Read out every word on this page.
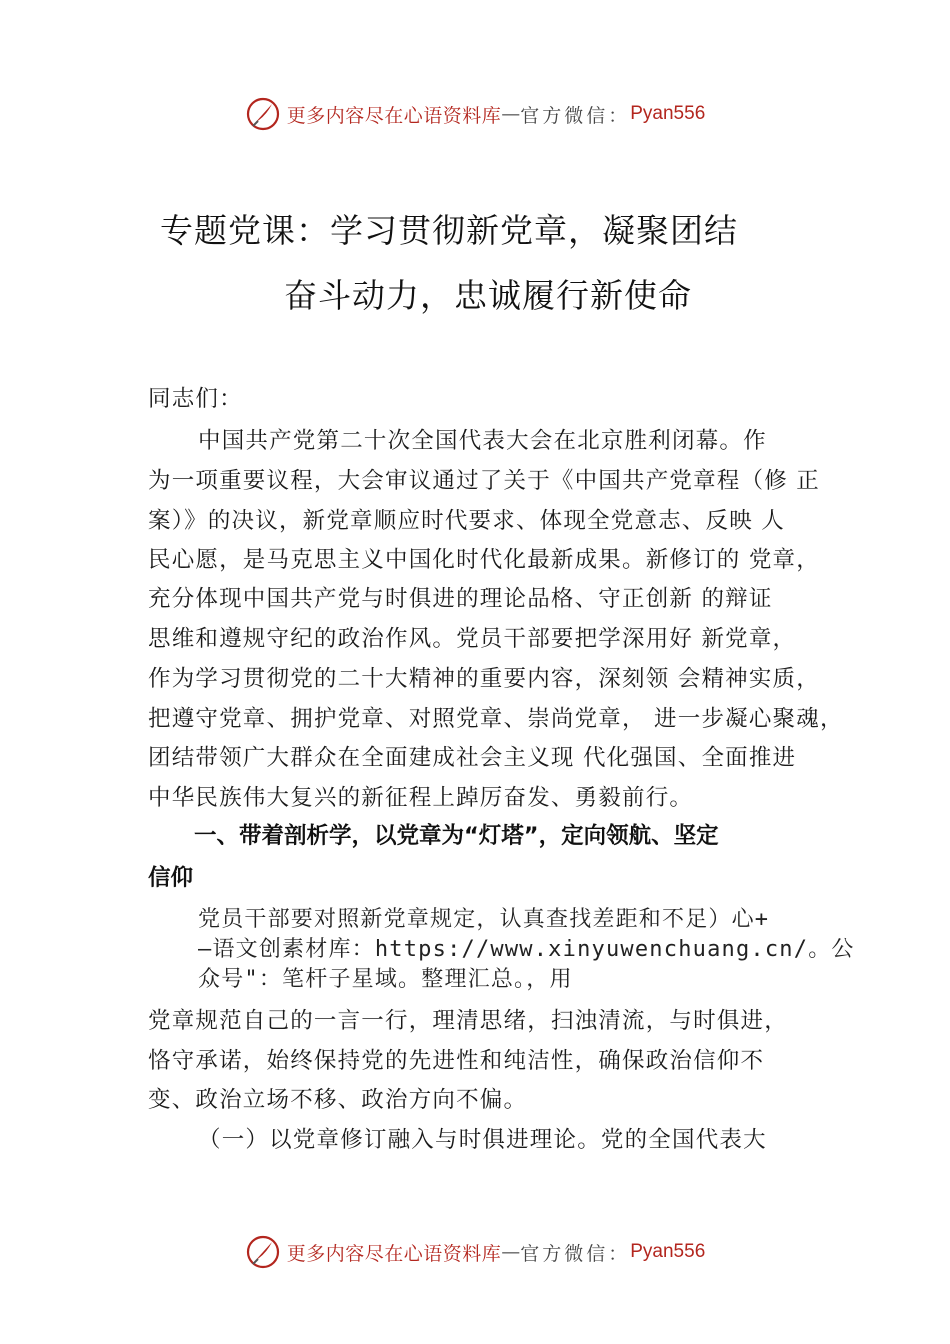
更多内容尽在心语资料库 — 官方微信： Pyan556
专题党课：学习贯彻新党章，凝聚团结
奋斗动力，忠诚履行新使命
同志们：
中国共产党第二十次全国代表大会在北京胜利闭幕。作
为一项重要议程，大会审议通过了关于《中国共产党章程（修 正
案）》的决议，新党章顺应时代要求、体现全党意志、反映 人
民心愿，是马克思主义中国化时代化最新成果。新修订的 党章，
充分体现中国共产党与时俱进的理论品格、守正创新 的辩证
思维和遵规守纪的政治作风。党员干部要把学深用好 新党章，
作为学习贯彻党的二十大精神的重要内容，深刻领 会精神实质，
把遵守党章、拥护党章、对照党章、崇尚党章， 进一步凝心聚魂，
团结带领广大群众在全面建成社会主义现 代化强国、全面推进
中华民族伟大复兴的新征程上踔厉奋发、勇毅前行。
一、带着剖析学，以党章为“灯塔”，定向领航、坚定
信仰
党员干部要对照新党章规定，认真查找差距和不足）心+
—语文创素材库：https://www.xinyuwenchuang.cn/。公
众号"：笔杆子星域。整理汇总。，用
党章规范自己的一言一行，理清思绪，扫浊清流，与时俱进，
恪守承诺，始终保持党的先进性和纯洁性，确保政治信仰不
变、政治立场不移、政治方向不偏。
（一）以党章修订融入与时俱进理论。党的全国代表大
更多内容尽在心语资料库 — 官方微信： Pyan556
